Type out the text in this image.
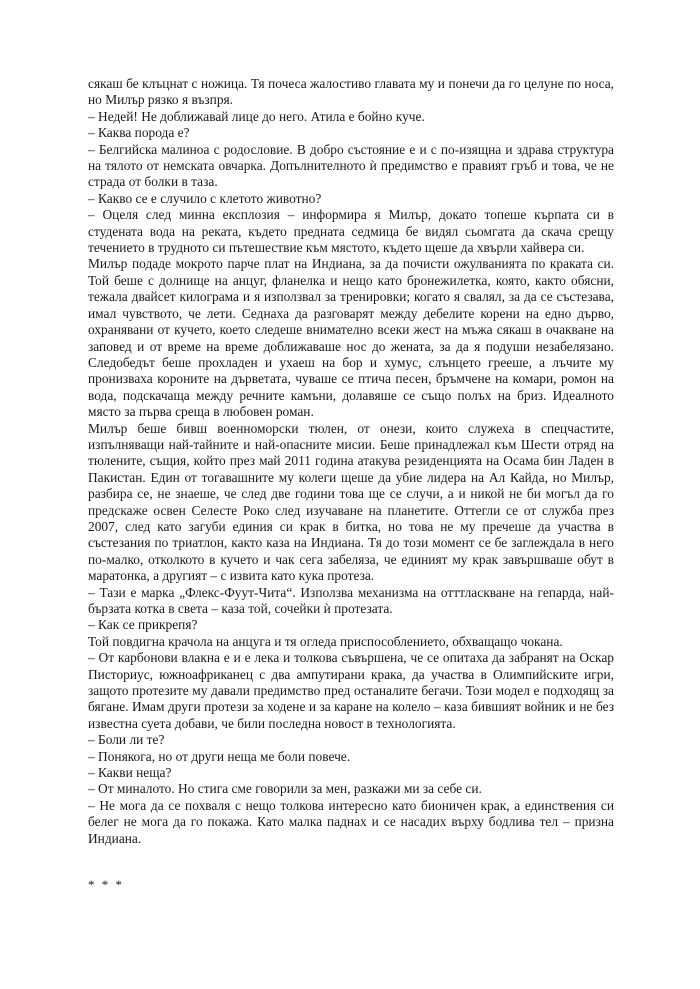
сякаш бе клъцнат с ножица. Тя почеса жалостиво главата му и понечи да го целуне по носа, но Милър рязко я възпря.

– Недей! Не доближавай лице до него. Атила е бойно куче.

– Каква порода е?

– Белгийска малиноа с родословие. В добро състояние е и с по-изящна и здрава структура на тялото от немската овчарка. Допълнителното ѝ предимство е правият гръб и това, че не страда от болки в таза.

– Какво се е случило с клетото животно?

– Оцеля след минна експлозия – информира я Милър, докато топеше кърпата си в студената вода на реката, където предната седмица бе видял сьомгата да скача срещу течението в трудното си пътешествие към мястото, където щеше да хвърли хайвера си.

Милър подаде мокрото парче плат на Индиана, за да почисти ожулванията по краката си. Той беше с долнище на анцуг, фланелка и нещо като бронежилетка, която, както обясни, тежала двайсет килограма и я използвал за тренировки; когато я свалял, за да се състезава, имал чувството, че лети. Седнаха да разговарят между дебелите корени на едно дърво, охранявани от кучето, което следеше внимателно всеки жест на мъжа сякаш в очакване на заповед и от време на време доближаваше нос до жената, за да я подуши незабелязано. Следобедът беше прохладен и ухаеш на бор и хумус, слънцето грееше, а лъчите му пронизваха короните на дърветата, чуваше се птича песен, бръмчене на комари, ромон на вода, подскачаща между речните камъни, долавяше се също полъх на бриз. Идеалното място за първа среща в любовен роман.

Милър беше бивш военноморски тюлен, от онези, които служеха в спецчастите, изпълняващи най-тайните и най-опасните мисии. Беше принадлежал към Шести отряд на тюлените, същия, който през май 2011 година атакува резиденцията на Осама бин Ладен в Пакистан. Един от тогавашните му колеги щеше да убие лидера на Ал Кайда, но Милър, разбира се, не знаеше, че след две години това ще се случи, а и никой не би могъл да го предскаже освен Селесте Роко след изучаване на планетите. Оттегли се от служба през 2007, след като загуби единия си крак в битка, но това не му пречеше да участва в състезания по триатлон, както каза на Индиана. Тя до този момент се бе заглеждала в него по-малко, отколкото в кучето и чак сега забеляза, че единият му крак завършваше обут в маратонка, а другият – с извита като кука протеза.

– Тази е марка „Флекс-Фуут-Чита“. Използва механизма на отттласкване на гепарда, най-бързата котка в света – каза той, сочейки ѝ протезата.

– Как се прикрепя?

Той повдигна крачола на анцуга и тя огледа приспособлението, обхващащо чокана.

– От карбонови влакна е и е лека и толкова съвършена, че се опитаха да забранят на Оскар Писториус, южноафриканец с два ампутирани крака, да участва в Олимпийските игри, защото протезите му давали предимство пред останалите бегачи. Този модел е подходящ за бягане. Имам други протези за ходене и за каране на колело – каза бившият войник и не без известна суета добави, че били последна новост в технологията.

– Боли ли те?

– Понякога, но от други неща ме боли повече.

– Какви неща?

– От миналото. Но стига сме говорили за мен, разкажи ми за себе си.

– Не мога да се похваля с нещо толкова интересно като бионичен крак, а единствения си белег не мога да го покажа. Като малка паднах и се насадих върху бодлива тел – призна Индиана.

* * *
